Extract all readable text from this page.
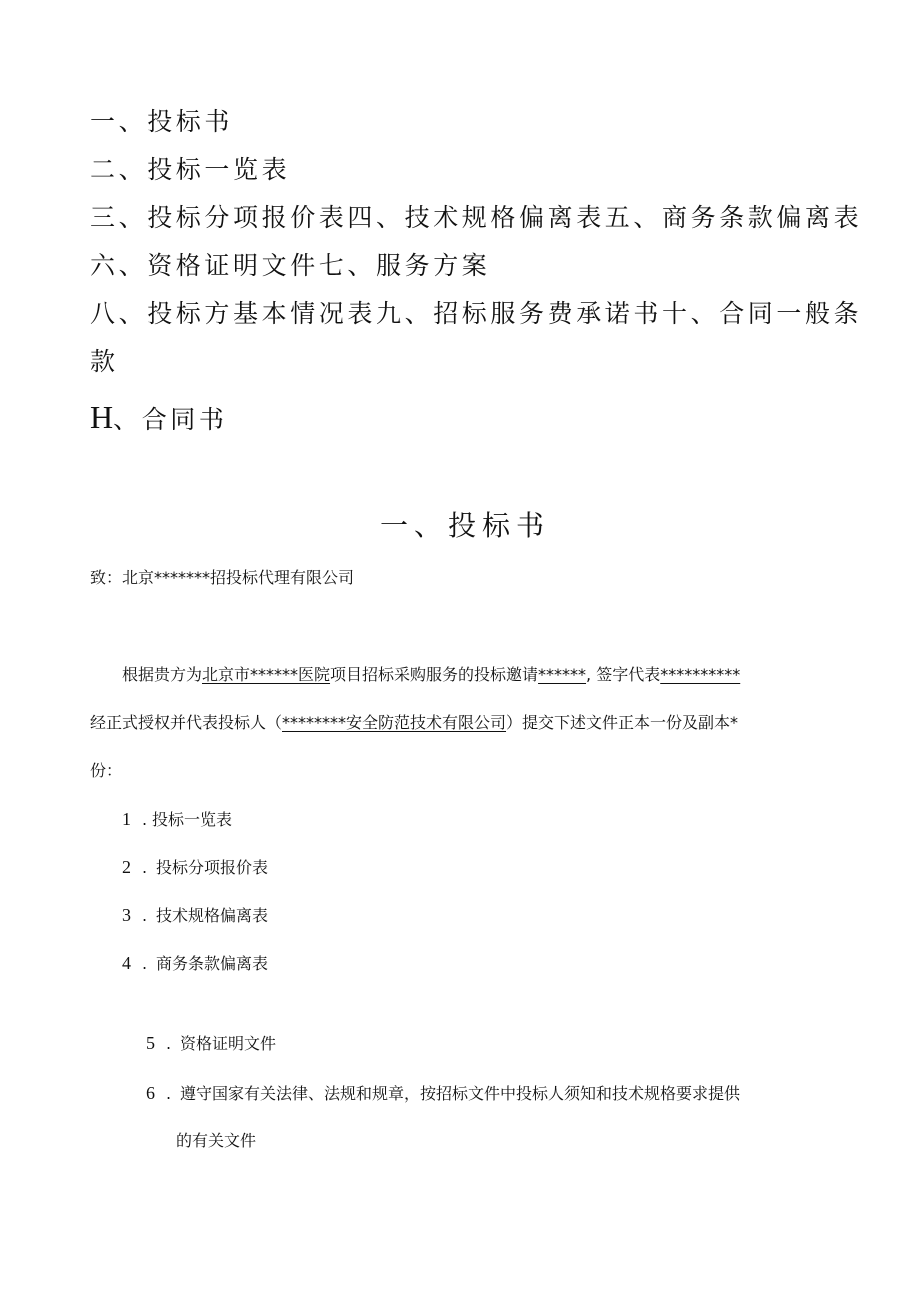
一、投标书
二、投标一览表
三、投标分项报价表四、技术规格偏离表五、商务条款偏离表
六、资格证明文件七、服务方案
八、投标方基本情况表九、招标服务费承诺书十、合同一般条
款
H、合同书
一、投标书
致：北京*******招投标代理有限公司
根据贵方为北京市******医院项目招标采购服务的投标邀请******, 签字代表**********
经正式授权并代表投标人（********安全防范技术有限公司）提交下述文件正本一份及副本*
份：
1 . 投标一览表
2 . 投标分项报价表
3 . 技术规格偏离表
4 . 商务条款偏离表
5 . 资格证明文件
6 . 遵守国家有关法律、法规和规章，按招标文件中投标人须知和技术规格要求提供
的有关文件
